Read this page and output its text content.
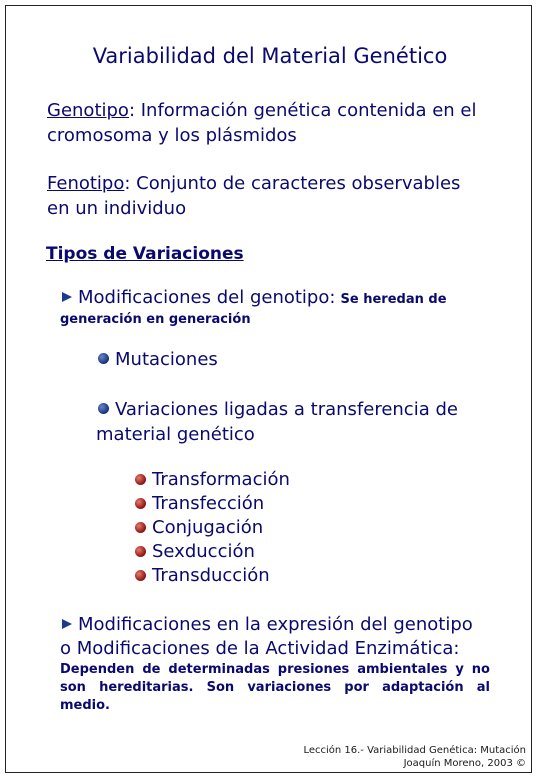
Variabilidad del Material Genético
Genotipo: Información genética contenida en el
cromosoma y los plásmidos
Fenotipo: Conjunto de caracteres observables
en un individuo
Tipos de Variaciones
Modificaciones del genotipo: Se heredan de
generación en generación
Mutaciones
Variaciones ligadas a transferencia de
material genético
Transformación
Transfección
Conjugación
Sexducción
Transducción
Modificaciones en la expresión del genotipo
o Modificaciones de la Actividad Enzimática:
Dependen de determinadas presiones ambientales y no son hereditarias. Son variaciones por adaptación al medio.
Lección 16.- Variabilidad Genética: Mutación
Joaquín Moreno, 2003 ©
